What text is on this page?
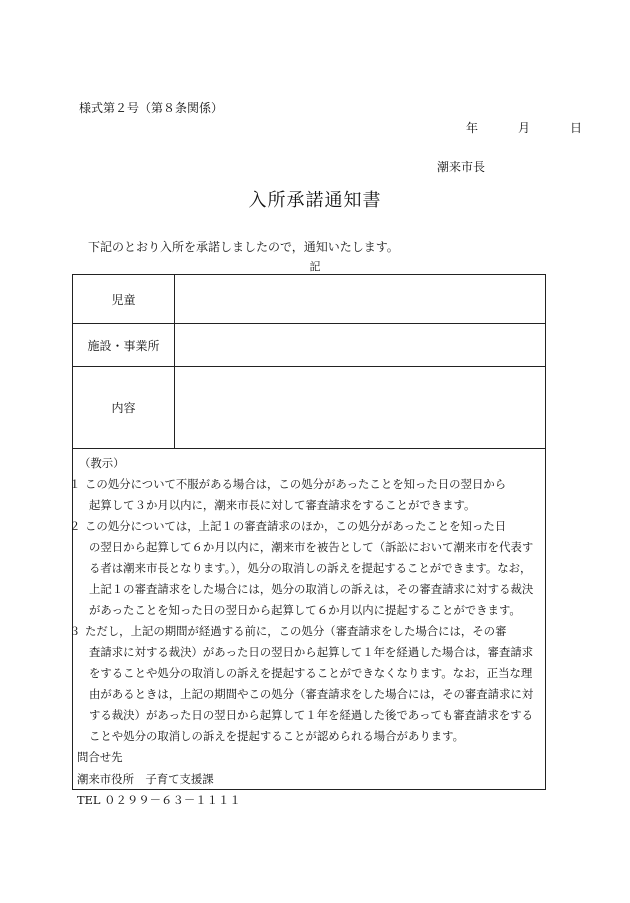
様式第２号（第８条関係）
年	月	日
潮来市長
入所承諾通知書
下記のとおり入所を承諾しましたので，通知いたします。
記
児童
施設・事業所
内容
（教示）
１ この処分について不服がある場合は，この処分があったことを知った日の翌日から
起算して３か月以内に，潮来市長に対して審査請求をすることができます。
２ この処分については，上記１の審査請求のほか，この処分があったことを知った日
の翌日から起算して６か月以内に，潮来市を被告として（訴訟において潮来市を代表す
る者は潮来市長となります。），処分の取消しの訴えを提起することができます。なお，
上記１の審査請求をした場合には，処分の取消しの訴えは，その審査請求に対する裁決
があったことを知った日の翌日から起算して６か月以内に提起することができます。
３ ただし，上記の期間が経過する前に，この処分（審査請求をした場合には，その審
査請求に対する裁決）があった日の翌日から起算して１年を経過した場合は，審査請求
をすることや処分の取消しの訴えを提起することができなくなります。なお，正当な理
由があるときは，上記の期間やこの処分（審査請求をした場合には，その審査請求に対
する裁決）があった日の翌日から起算して１年を経過した後であっても審査請求をする
ことや処分の取消しの訴えを提起することが認められる場合があります。
問合せ先
潮来市役所　子育て支援課
TEL ０２９９－６３－１１１１
